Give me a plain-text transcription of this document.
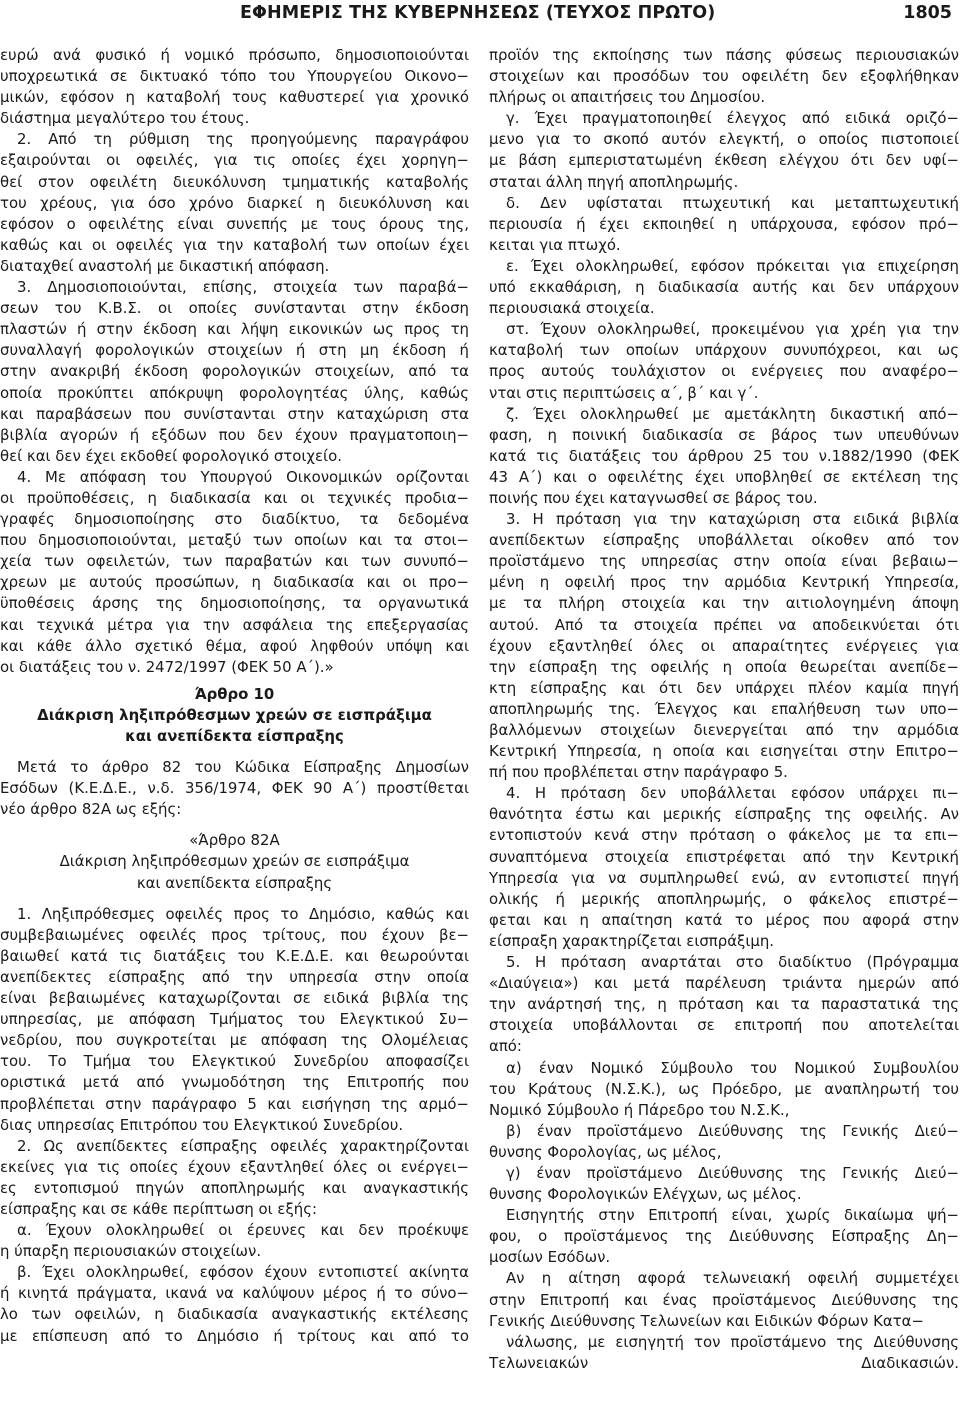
ΕΦΗΜΕΡΙΣ ΤΗΣ ΚΥΒΕΡΝΗΣΕΩΣ (ΤΕΥΧΟΣ ΠΡΩΤΟ)	1805
ευρώ ανά φυσικό ή νομικό πρόσωπο, δημοσιοποιούνται
υποχρεωτικά σε δικτυακό τόπο του Υπουργείου Οικονο−
μικών, εφόσον η καταβολή τους καθυστερεί για χρονικό
διάστημα μεγαλύτερο του έτους.
2. Από τη ρύθμιση της προηγούμενης παραγράφου
εξαιρούνται οι οφειλές, για τις οποίες έχει χορηγη−
θεί στον οφειλέτη διευκόλυνση τμηματικής καταβολής
του χρέους, για όσο χρόνο διαρκεί η διευκόλυνση και
εφόσον ο οφειλέτης είναι συνεπής με τους όρους της,
καθώς και οι οφειλές για την καταβολή των οποίων έχει
διαταχθεί αναστολή με δικαστική απόφαση.
3. Δημοσιοποιούνται, επίσης, στοιχεία των παραβά−
σεων του Κ.Β.Σ. οι οποίες συνίστανται στην έκδοση
πλαστών ή στην έκδοση και λήψη εικονικών ως προς τη
συναλλαγή φορολογικών στοιχείων ή στη μη έκδοση ή
στην ανακριβή έκδοση φορολογικών στοιχείων, από τα
οποία προκύπτει απόκρυψη φορολογητέας ύλης, καθώς
και παραβάσεων που συνίστανται στην καταχώριση στα
βιβλία αγορών ή εξόδων που δεν έχουν πραγματοποιη−
θεί και δεν έχει εκδοθεί φορολογικό στοιχείο.
4. Με απόφαση του Υπουργού Οικονομικών ορίζονται
οι προϋποθέσεις, η διαδικασία και οι τεχνικές προδια−
γραφές δημοσιοποίησης στο διαδίκτυο, τα δεδομένα
που δημοσιοποιούνται, μεταξύ των οποίων και τα στοι−
χεία των οφειλετών, των παραβατών και των συνυπό−
χρεων με αυτούς προσώπων, η διαδικασία και οι προ−
ϋποθέσεις άρσης της δημοσιοποίησης, τα οργανωτικά
και τεχνικά μέτρα για την ασφάλεια της επεξεργασίας
και κάθε άλλο σχετικό θέμα, αφού ληφθούν υπόψη και
οι διατάξεις του ν. 2472/1997 (ΦΕΚ 50 Α΄).»
Άρθρο 10
Διάκριση ληξιπρόθεσμων χρεών σε εισπράξιμα
και ανεπίδεκτα είσπραξης
Μετά το άρθρο 82 του Κώδικα Είσπραξης Δημοσίων
Εσόδων (Κ.Ε.Δ.Ε., ν.δ. 356/1974, ΦΕΚ 90 Α΄) προστίθεται
νέο άρθρο 82Α ως εξής:
«Άρθρο 82Α
Διάκριση ληξιπρόθεσμων χρεών σε εισπράξιμα
και ανεπίδεκτα είσπραξης
1. Ληξιπρόθεσμες οφειλές προς το Δημόσιο, καθώς και
συμβεβαιωμένες οφειλές προς τρίτους, που έχουν βε−
βαιωθεί κατά τις διατάξεις του Κ.Ε.Δ.Ε. και θεωρούνται
ανεπίδεκτες είσπραξης από την υπηρεσία στην οποία
είναι βεβαιωμένες καταχωρίζονται σε ειδικά βιβλία της
υπηρεσίας, με απόφαση Τμήματος του Ελεγκτικού Συ−
νεδρίου, που συγκροτείται με απόφαση της Ολομέλειας
του. Το Τμήμα του Ελεγκτικού Συνεδρίου αποφασίζει
οριστικά μετά από γνωμοδότηση της Επιτροπής που
προβλέπεται στην παράγραφο 5 και εισήγηση της αρμό−
διας υπηρεσίας Επιτρόπου του Ελεγκτικού Συνεδρίου.
2. Ως ανεπίδεκτες είσπραξης οφειλές χαρακτηρίζονται
εκείνες για τις οποίες έχουν εξαντληθεί όλες οι ενέργει−
ες εντοπισμού πηγών αποπληρωμής και αναγκαστικής
είσπραξης και σε κάθε περίπτωση οι εξής:
α. Έχουν ολοκληρωθεί οι έρευνες και δεν προέκυψε
η ύπαρξη περιουσιακών στοιχείων.
β. Έχει ολοκληρωθεί, εφόσον έχουν εντοπιστεί ακίνητα
ή κινητά πράγματα, ικανά να καλύψουν μέρος ή το σύνο−
λο των οφειλών, η διαδικασία αναγκαστικής εκτέλεσης
με επίσπευση από το Δημόσιο ή τρίτους και από το
προϊόν της εκποίησης των πάσης φύσεως περιουσιακών
στοιχείων και προσόδων του οφειλέτη δεν εξοφλήθηκαν
πλήρως οι απαιτήσεις του Δημοσίου.
γ. Έχει πραγματοποιηθεί έλεγχος από ειδικά οριζό−
μενο για το σκοπό αυτόν ελεγκτή, ο οποίος πιστοποιεί
με βάση εμπεριστατωμένη έκθεση ελέγχου ότι δεν υφί−
σταται άλλη πηγή αποπληρωμής.
δ. Δεν υφίσταται πτωχευτική και μεταπτωχευτική
περιουσία ή έχει εκποιηθεί η υπάρχουσα, εφόσον πρό−
κειται για πτωχό.
ε. Έχει ολοκληρωθεί, εφόσον πρόκειται για επιχείρηση
υπό εκκαθάριση, η διαδικασία αυτής και δεν υπάρχουν
περιουσιακά στοιχεία.
στ. Έχουν ολοκληρωθεί, προκειμένου για χρέη για την
καταβολή των οποίων υπάρχουν συνυπόχρεοι, και ως
προς αυτούς τουλάχιστον οι ενέργειες που αναφέρο−
νται στις περιπτώσεις α΄, β΄ και γ΄.
ζ. Έχει ολοκληρωθεί με αμετάκλητη δικαστική από−
φαση, η ποινική διαδικασία σε βάρος των υπευθύνων
κατά τις διατάξεις του άρθρου 25 του ν.1882/1990 (ΦΕΚ
43 Α΄) και ο οφειλέτης έχει υποβληθεί σε εκτέλεση της
ποινής που έχει καταγνωσθεί σε βάρος του.
3. Η πρόταση για την καταχώριση στα ειδικά βιβλία
ανεπίδεκτων είσπραξης υποβάλλεται οίκοθεν από τον
προϊστάμενο της υπηρεσίας στην οποία είναι βεβαιω−
μένη η οφειλή προς την αρμόδια Κεντρική Υπηρεσία,
με τα πλήρη στοιχεία και την αιτιολογημένη άποψη
αυτού. Από τα στοιχεία πρέπει να αποδεικνύεται ότι
έχουν εξαντληθεί όλες οι απαραίτητες ενέργειες για
την είσπραξη της οφειλής η οποία θεωρείται ανεπίδε−
κτη είσπραξης και ότι δεν υπάρχει πλέον καμία πηγή
αποπληρωμής της. Έλεγχος και επαλήθευση των υπο−
βαλλόμενων στοιχείων διενεργείται από την αρμόδια
Κεντρική Υπηρεσία, η οποία και εισηγείται στην Επιτρο−
πή που προβλέπεται στην παράγραφο 5.
4. Η πρόταση δεν υποβάλλεται εφόσον υπάρχει πι−
θανότητα έστω και μερικής είσπραξης της οφειλής. Αν
εντοπιστούν κενά στην πρόταση ο φάκελος με τα επι−
συναπτόμενα στοιχεία επιστρέφεται από την Κεντρική
Υπηρεσία για να συμπληρωθεί ενώ, αν εντοπιστεί πηγή
ολικής ή μερικής αποπληρωμής, ο φάκελος επιστρέ−
φεται και η απαίτηση κατά το μέρος που αφορά στην
είσπραξη χαρακτηρίζεται εισπράξιμη.
5. Η πρόταση αναρτάται στο διαδίκτυο (Πρόγραμμα
«Διαύγεια») και μετά παρέλευση τριάντα ημερών από
την ανάρτησή της, η πρόταση και τα παραστατικά της
στοιχεία υποβάλλονται σε επιτροπή που αποτελείται
από:
α) έναν Νομικό Σύμβουλο του Νομικού Συμβουλίου
του Κράτους (Ν.Σ.Κ.), ως Πρόεδρο, με αναπληρωτή του
Νομικό Σύμβουλο ή Πάρεδρο του Ν.Σ.Κ.,
β) έναν προϊστάμενο Διεύθυνσης της Γενικής Διεύ−
θυνσης Φορολογίας, ως μέλος,
γ) έναν προϊστάμενο Διεύθυνσης της Γενικής Διεύ−
θυνσης Φορολογικών Ελέγχων, ως μέλος.
Εισηγητής στην Επιτροπή είναι, χωρίς δικαίωμα ψή−
φου, ο προϊστάμενος της Διεύθυνσης Είσπραξης Δη−
μοσίων Εσόδων.
Αν η αίτηση αφορά τελωνειακή οφειλή συμμετέχει
στην Επιτροπή και ένας προϊστάμενος Διεύθυνσης της
Γενικής Διεύθυνσης Τελωνείων και Ειδικών Φόρων Κατα−
νάλωσης, με εισηγητή τον προϊστάμενο της Διεύθυνσης
Τελωνειακών Διαδικασιών.
